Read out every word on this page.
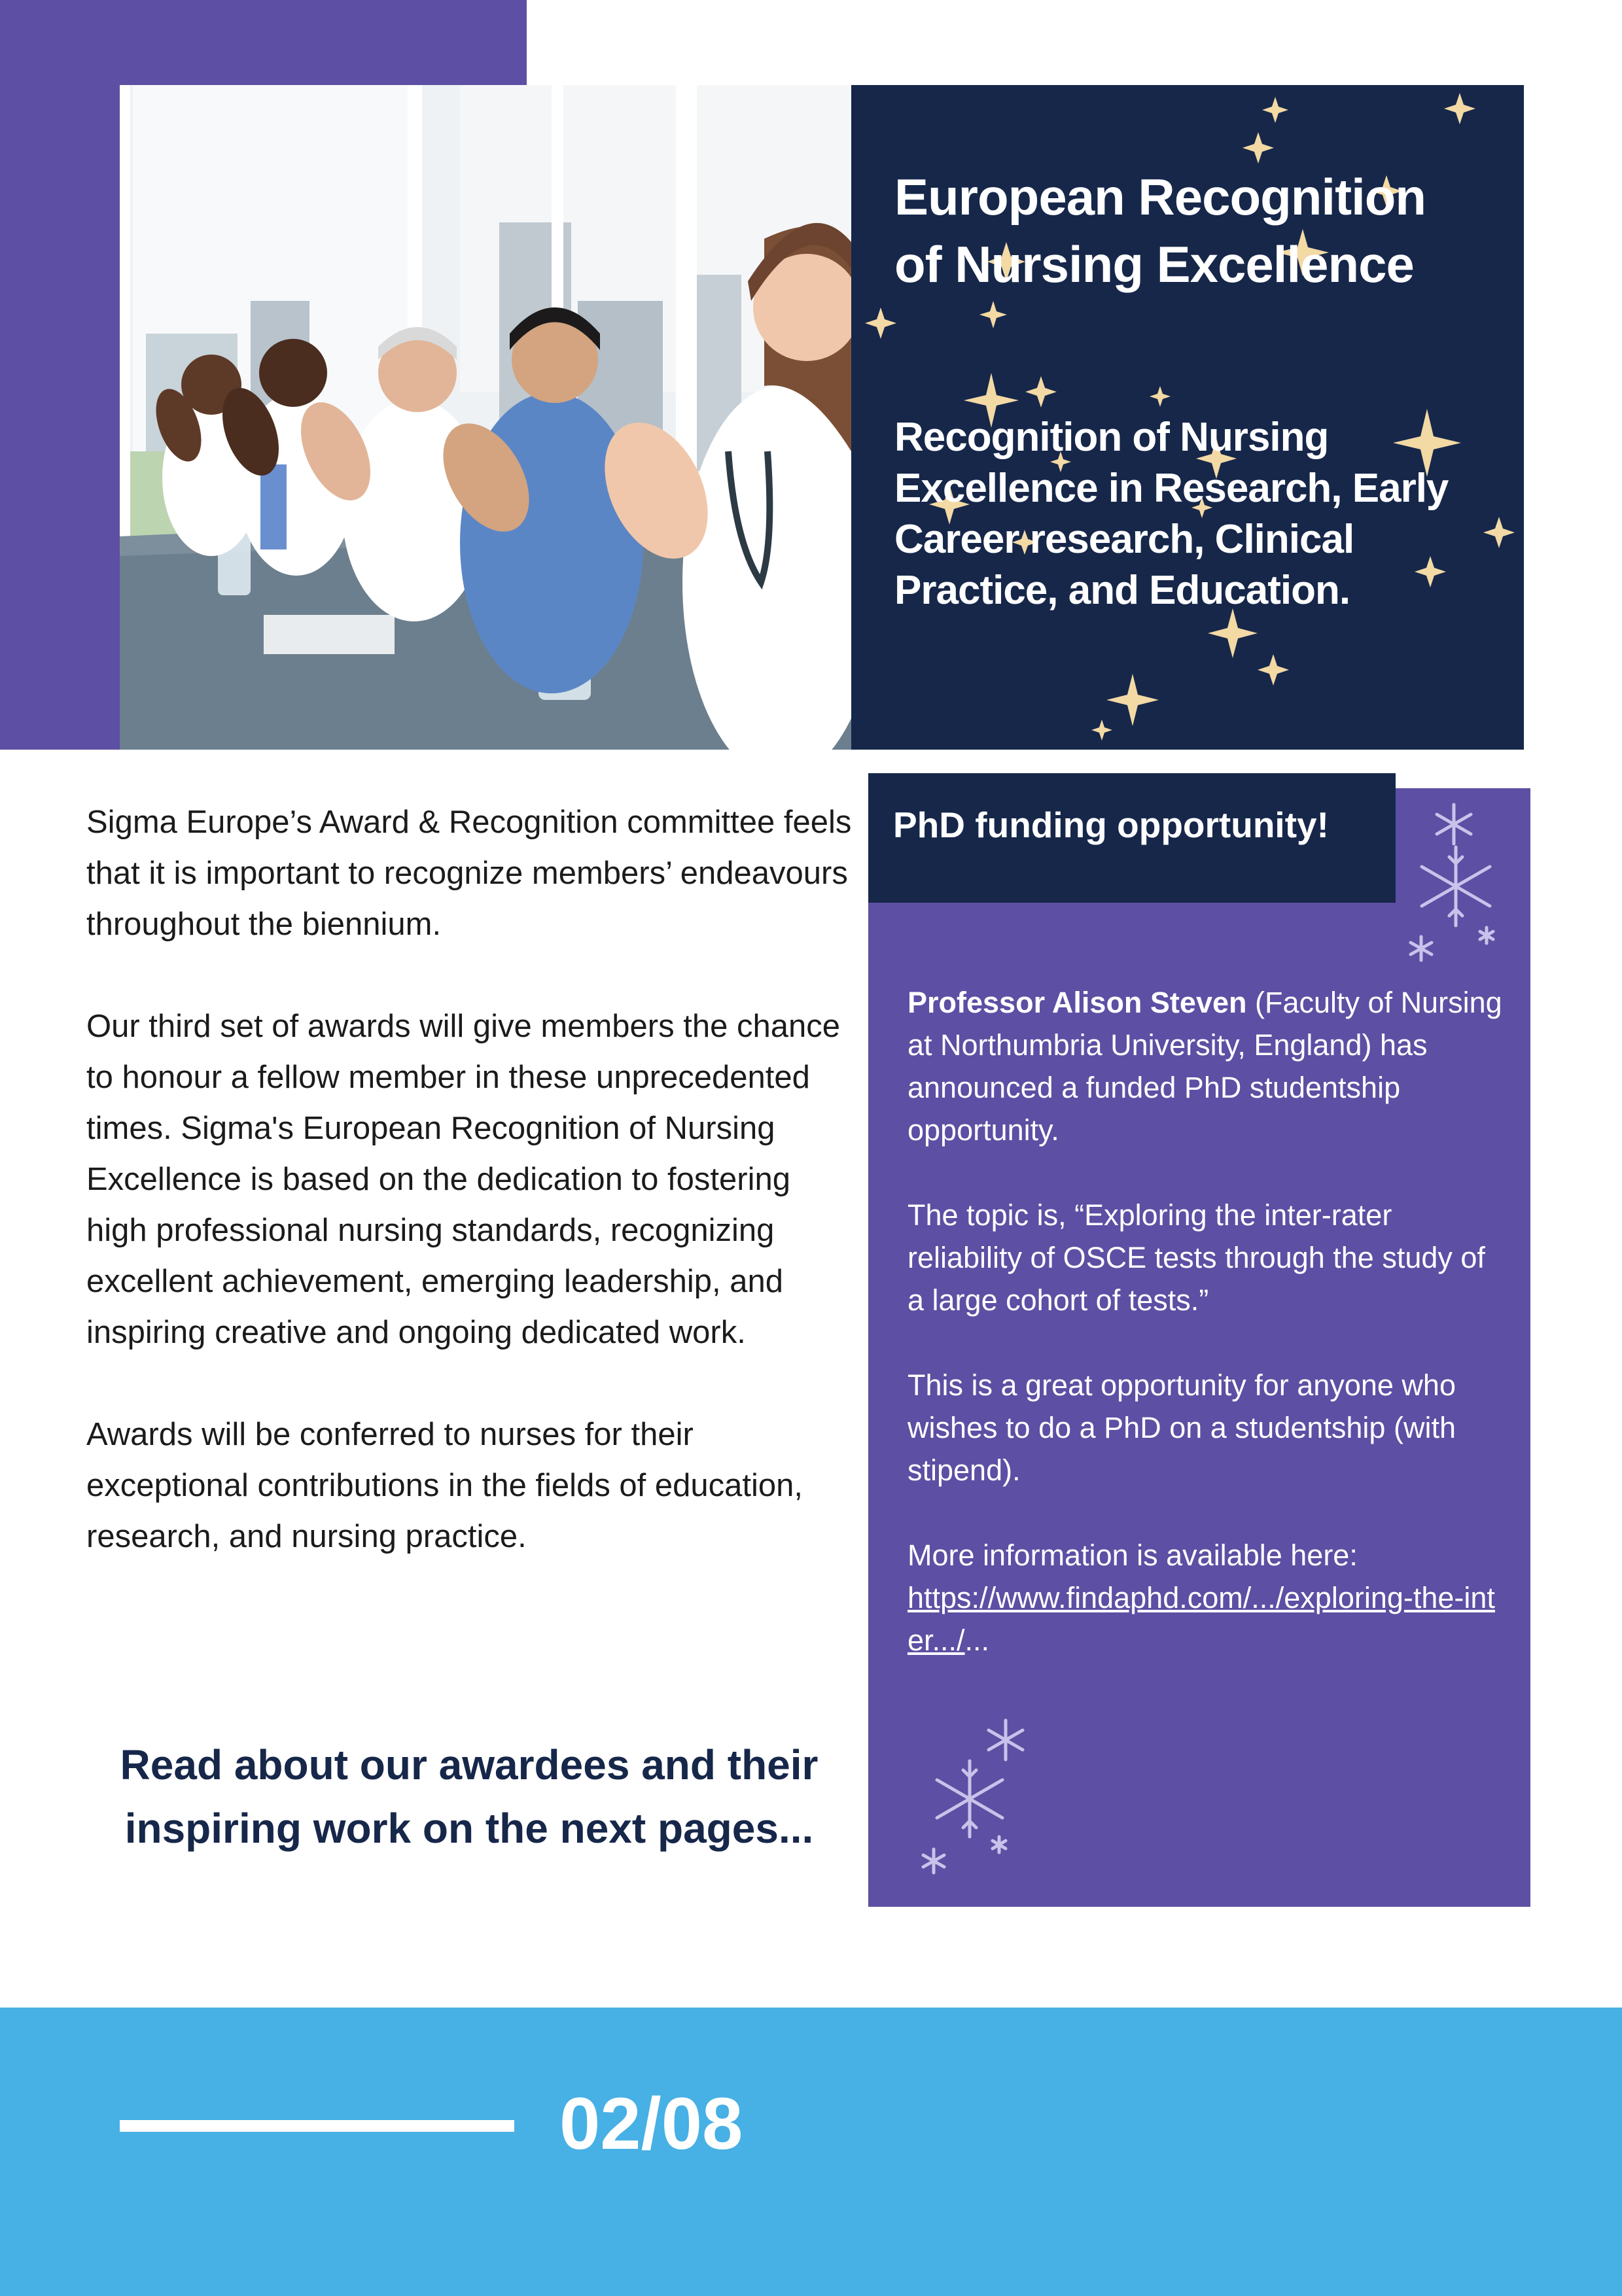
European Recognition of Nursing Excellence
Recognition of Nursing Excellence in Research, Early Career research, Clinical Practice, and Education.

Sigma Europe’s Award & Recognition committee feels that it is important to recognize members’ endeavours throughout the biennium.

Our third set of awards will give members the chance to honour a fellow member in these unprecedented times. Sigma's European Recognition of Nursing Excellence is based on the dedication to fostering high professional nursing standards, recognizing excellent achievement, emerging leadership, and inspiring creative and ongoing dedicated work.

Awards will be conferred to nurses for their exceptional contributions in the fields of education, research, and nursing practice.

Read about our awardees and their inspiring work on the next pages...

Professor Alison Steven (Faculty of Nursing at Northumbria University, England) has announced a funded PhD studentship opportunity.

The topic is, “Exploring the inter-rater reliability of OSCE tests through the study of a large cohort of tests.”

This is a great opportunity for anyone who wishes to do a PhD on a studentship (with stipend).

More information is available here:
https://www.findaphd.com/.../exploring-the-inter.../...

PhD funding opportunity!
02/08
